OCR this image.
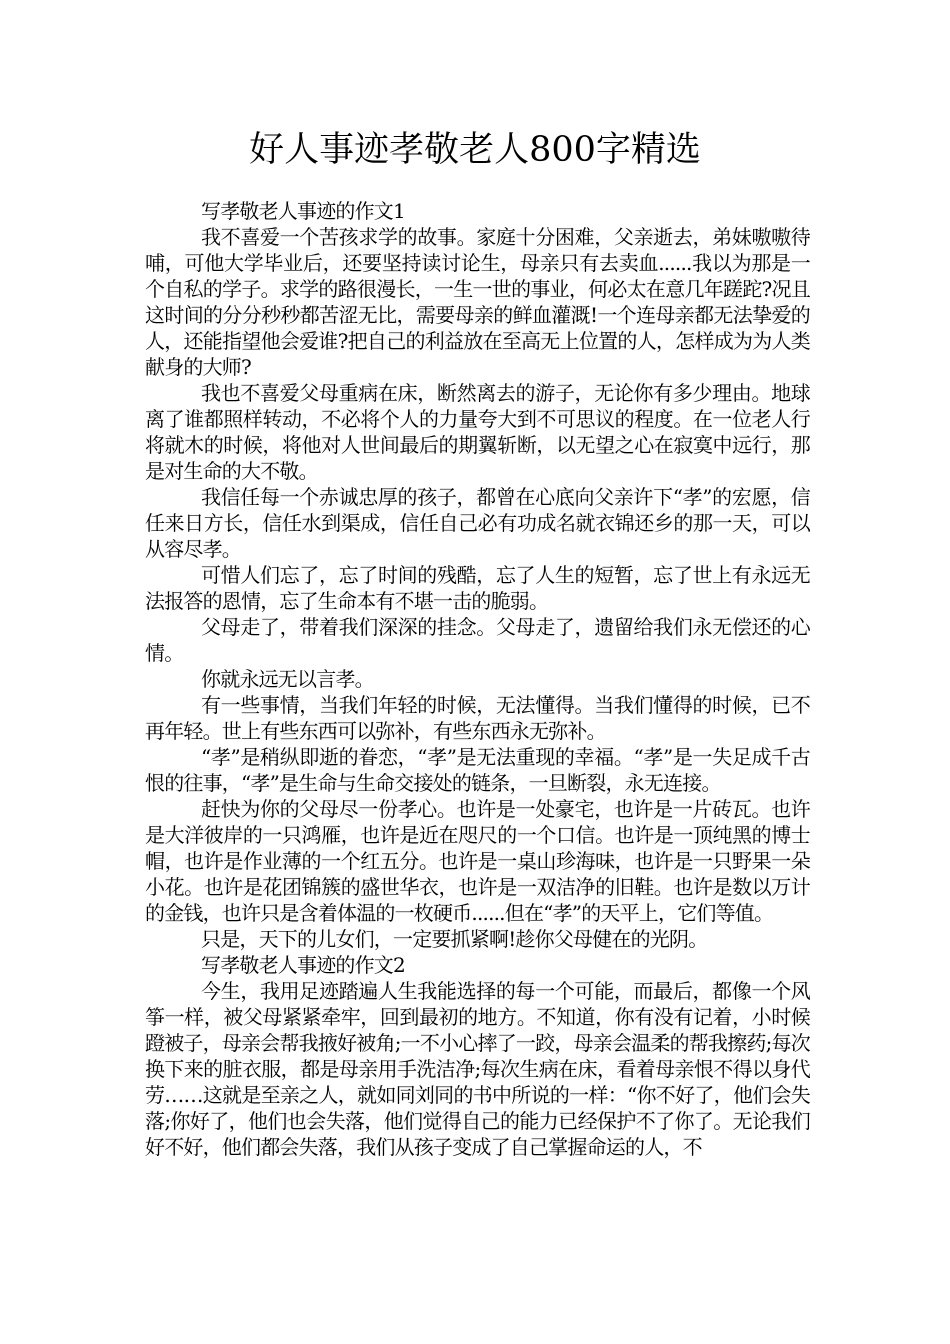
好人事迹孝敬老人800字精选

写孝敬老人事迹的作文1

我不喜爱一个苦孩求学的故事。家庭十分困难，父亲逝去，弟妹嗷嗷待哺，可他大学毕业后，还要坚持读讨论生，母亲只有去卖血......我以为那是一个自私的学子。求学的路很漫长，一生一世的事业，何必太在意几年蹉跎?况且这时间的分分秒秒都苦涩无比，需要母亲的鲜血灌溉!一个连母亲都无法挚爱的人，还能指望他会爱谁?把自己的利益放在至高无上位置的人，怎样成为为人类献身的大师?

我也不喜爱父母重病在床，断然离去的游子，无论你有多少理由。地球离了谁都照样转动，不必将个人的力量夸大到不可思议的程度。在一位老人行将就木的时候，将他对人世间最后的期翼斩断，以无望之心在寂寞中远行，那是对生命的大不敬。

我信任每一个赤诚忠厚的孩子，都曾在心底向父亲许下“孝”的宏愿，信任来日方长，信任水到渠成，信任自己必有功成名就衣锦还乡的那一天，可以从容尽孝。

可惜人们忘了，忘了时间的残酷，忘了人生的短暂，忘了世上有永远无法报答的恩情，忘了生命本有不堪一击的脆弱。

父母走了，带着我们深深的挂念。父母走了，遗留给我们永无偿还的心情。

你就永远无以言孝。

有一些事情，当我们年轻的时候，无法懂得。当我们懂得的时候，已不再年轻。世上有些东西可以弥补，有些东西永无弥补。

“孝”是稍纵即逝的眷恋，“孝”是无法重现的幸福。“孝”是一失足成千古恨的往事，“孝”是生命与生命交接处的链条，一旦断裂，永无连接。

赶快为你的父母尽一份孝心。也许是一处豪宅，也许是一片砖瓦。也许是大洋彼岸的一只鸿雁，也许是近在咫尺的一个口信。也许是一顶纯黑的博士帽，也许是作业薄的一个红五分。也许是一桌山珍海味，也许是一只野果一朵小花。也许是花团锦簇的盛世华衣，也许是一双洁净的旧鞋。也许是数以万计的金钱，也许只是含着体温的一枚硬币......但在“孝”的天平上，它们等值。

只是，天下的儿女们，一定要抓紧啊!趁你父母健在的光阴。

写孝敬老人事迹的作文2

今生，我用足迹踏遍人生我能选择的每一个可能，而最后，都像一个风筝一样，被父母紧紧牵牢，回到最初的地方。不知道，你有没有记着，小时候蹬被子，母亲会帮我掖好被角;一不小心摔了一跤，母亲会温柔的帮我擦药;每次换下来的脏衣服，都是母亲用手洗洁净;每次生病在床，看着母亲恨不得以身代劳……这就是至亲之人，就如同刘同的书中所说的一样：“你不好了，他们会失落;你好了，他们也会失落，他们觉得自己的能力已经保护不了你了。无论我们好不好，他们都会失落，我们从孩子变成了自己掌握命运的人，不
